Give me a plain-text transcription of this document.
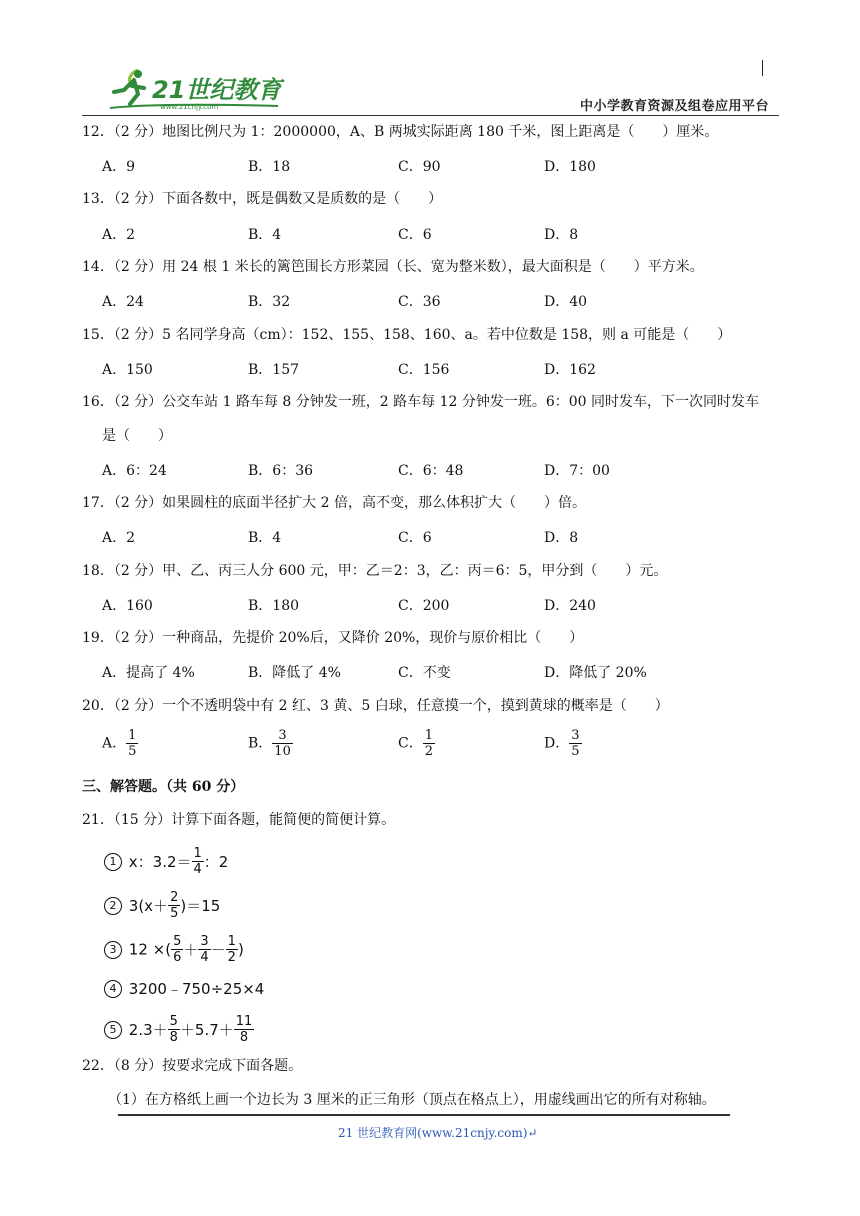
21世纪教育
www.21cnjy.com	中小学教育资源及组卷应用平台
12．（2 分）地图比例尺为 1：2000000，A、B 两城实际距离 180 千米，图上距离是（　　）厘米。
A．9	B．18	C．90	D．180
13．（2 分）下面各数中，既是偶数又是质数的是（　　）
A．2	B．4	C．6	D．8
14．（2 分）用 24 根 1 米长的篱笆围长方形菜园（长、宽为整米数），最大面积是（　　）平方米。
A．24	B．32	C．36	D．40
15．（2 分）5 名同学身高（cm）：152、155、158、160、a。若中位数是 158，则 a 可能是（　　）
A．150	B．157	C．156	D．162
16．（2 分）公交车站 1 路车每 8 分钟发一班，2 路车每 12 分钟发一班。6：00 同时发车，下一次同时发车
是（　　）
A．6：24	B．6：36	C．6：48	D．7：00
17．（2 分）如果圆柱的底面半径扩大 2 倍，高不变，那么体积扩大（　　）倍。
A．2	B．4	C．6	D．8
18．（2 分）甲、乙、丙三人分 600 元，甲：乙＝2：3，乙：丙＝6：5，甲分到（　　）元。
A．160	B．180	C．200	D．240
19．（2 分）一种商品，先提价 20%后，又降价 20%，现价与原价相比（　　）
A．提高了 4%	B．降低了 4%	C．不变	D．降低了 20%
20．（2 分）一个不透明袋中有 2 红、3 黄、5 白球，任意摸一个，摸到黄球的概率是（　　）
A． $\frac{1}{5}$	B． $\frac{3}{10}$	C． $\frac{1}{2}$	D． $\frac{3}{5}$
三、解答题。（共 60 分）
21．（15 分）计算下面各题，能简便的简便计算。
1 x：$3.2= \frac{1}{4}$ ：2
2 $3(x+ \frac{2}{5} )=15$
3 12 ×( $\frac{5}{6} + \frac{3}{4} - \frac{1}{2}$ )
4 3200﹣750÷25×4
5 $2.3+ \frac{5}{8} +5.7+ \frac{11}{8}$
22．（8 分）按要求完成下面各题。
（1）在方格纸上画一个边长为 3 厘米的正三角形（顶点在格点上），用虚线画出它的所有对称轴。
21 世纪教育网(www.21cnjy.com)↵
